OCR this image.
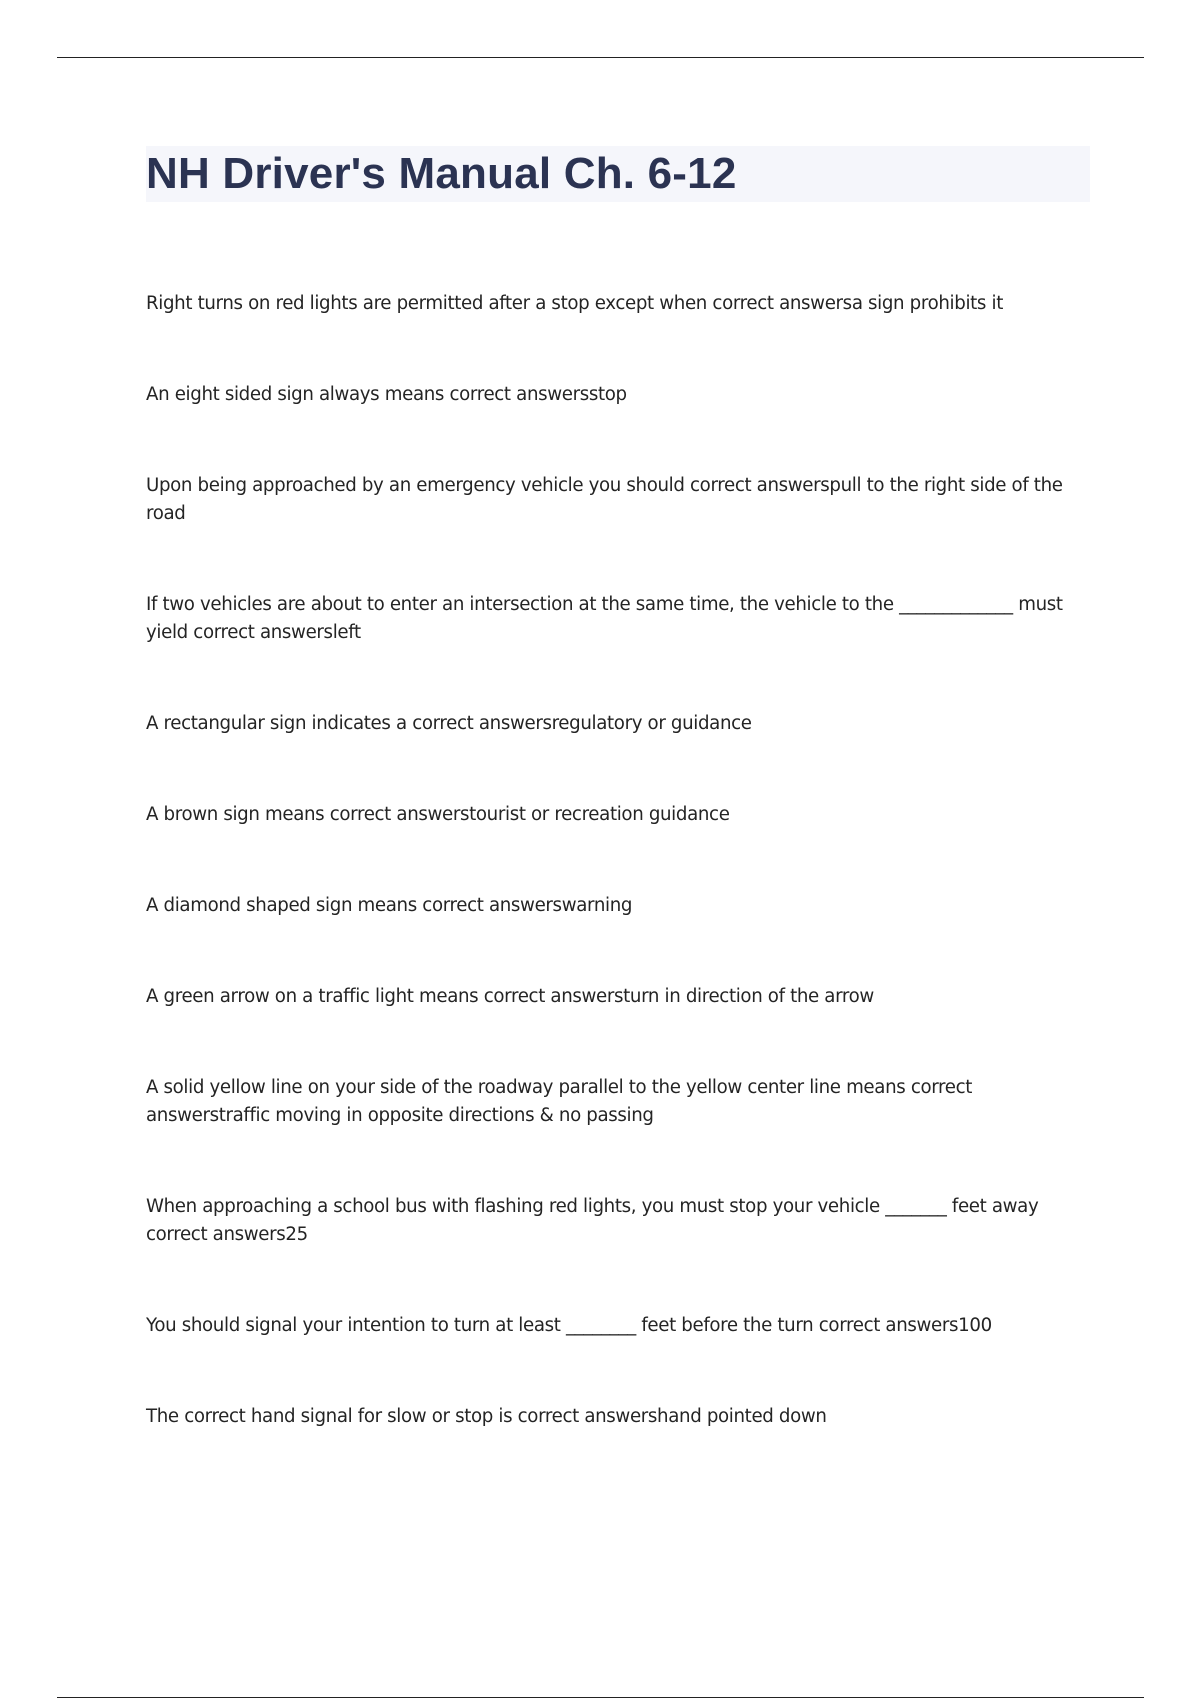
NH Driver's Manual Ch. 6-12
Right turns on red lights are permitted after a stop except when correct answersa sign prohibits it
An eight sided sign always means correct answersstop
Upon being approached by an emergency vehicle you should correct answerspull to the right side of the road
If two vehicles are about to enter an intersection at the same time, the vehicle to the _____________ must yield correct answersleft
A rectangular sign indicates a correct answersregulatory or guidance
A brown sign means correct answerstourist or recreation guidance
A diamond shaped sign means correct answerswarning
A green arrow on a traffic light means correct answersturn in direction of the arrow
A solid yellow line on your side of the roadway parallel to the yellow center line means correct answerstraffic moving in opposite directions & no passing
When approaching a school bus with flashing red lights, you must stop your vehicle _______ feet away correct answers25
You should signal your intention to turn at least ________ feet before the turn correct answers100
The correct hand signal for slow or stop is correct answershand pointed down
